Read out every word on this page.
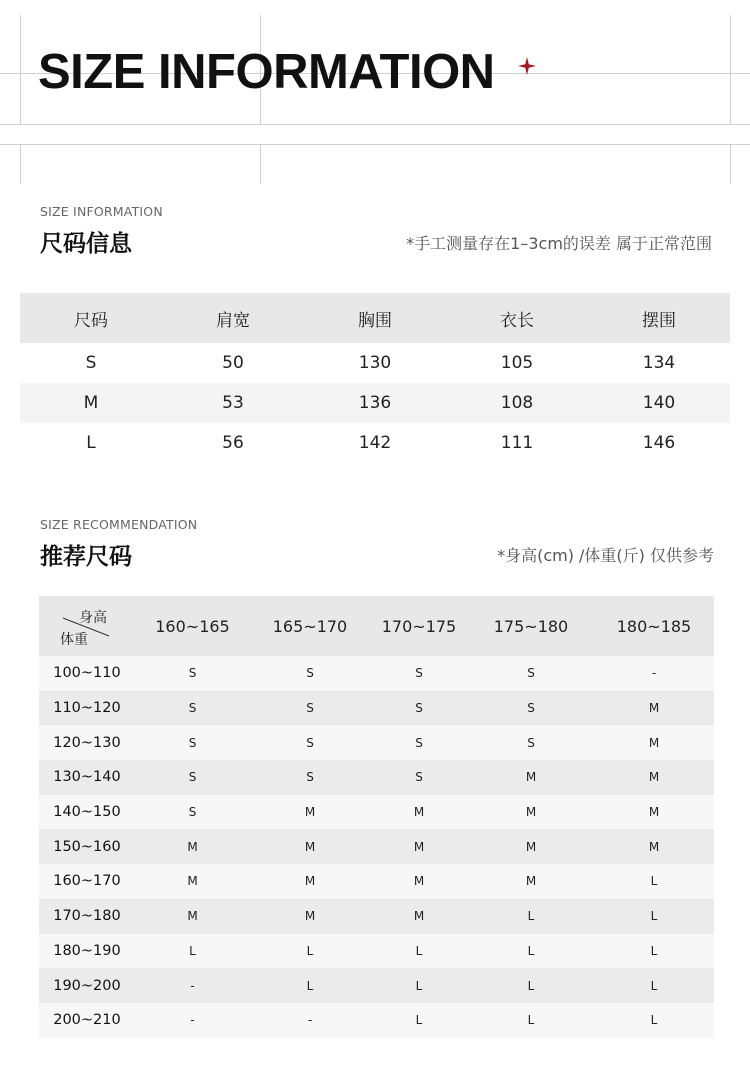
SIZE INFORMATION
SIZE INFORMATION
尺码信息	*手工测量存在1–3cm的误差 属于正常范围
尺码	肩宽	胸围	衣长	摆围
S	50	130	105	134
M	53	136	108	140
L	56	142	111	146
SIZE RECOMMENDATION
推荐尺码	*身高(cm) /体重(斤) 仅供参考
身高
体重	160~165	165~170	170~175	175~180	180~185
100~110	S	S	S	S	-
110~120	S	S	S	S	M
120~130	S	S	S	S	M
130~140	S	S	S	M	M
140~150	S	M	M	M	M
150~160	M	M	M	M	M
160~170	M	M	M	M	L
170~180	M	M	M	L	L
180~190	L	L	L	L	L
190~200	-	L	L	L	L
200~210	-	-	L	L	L
